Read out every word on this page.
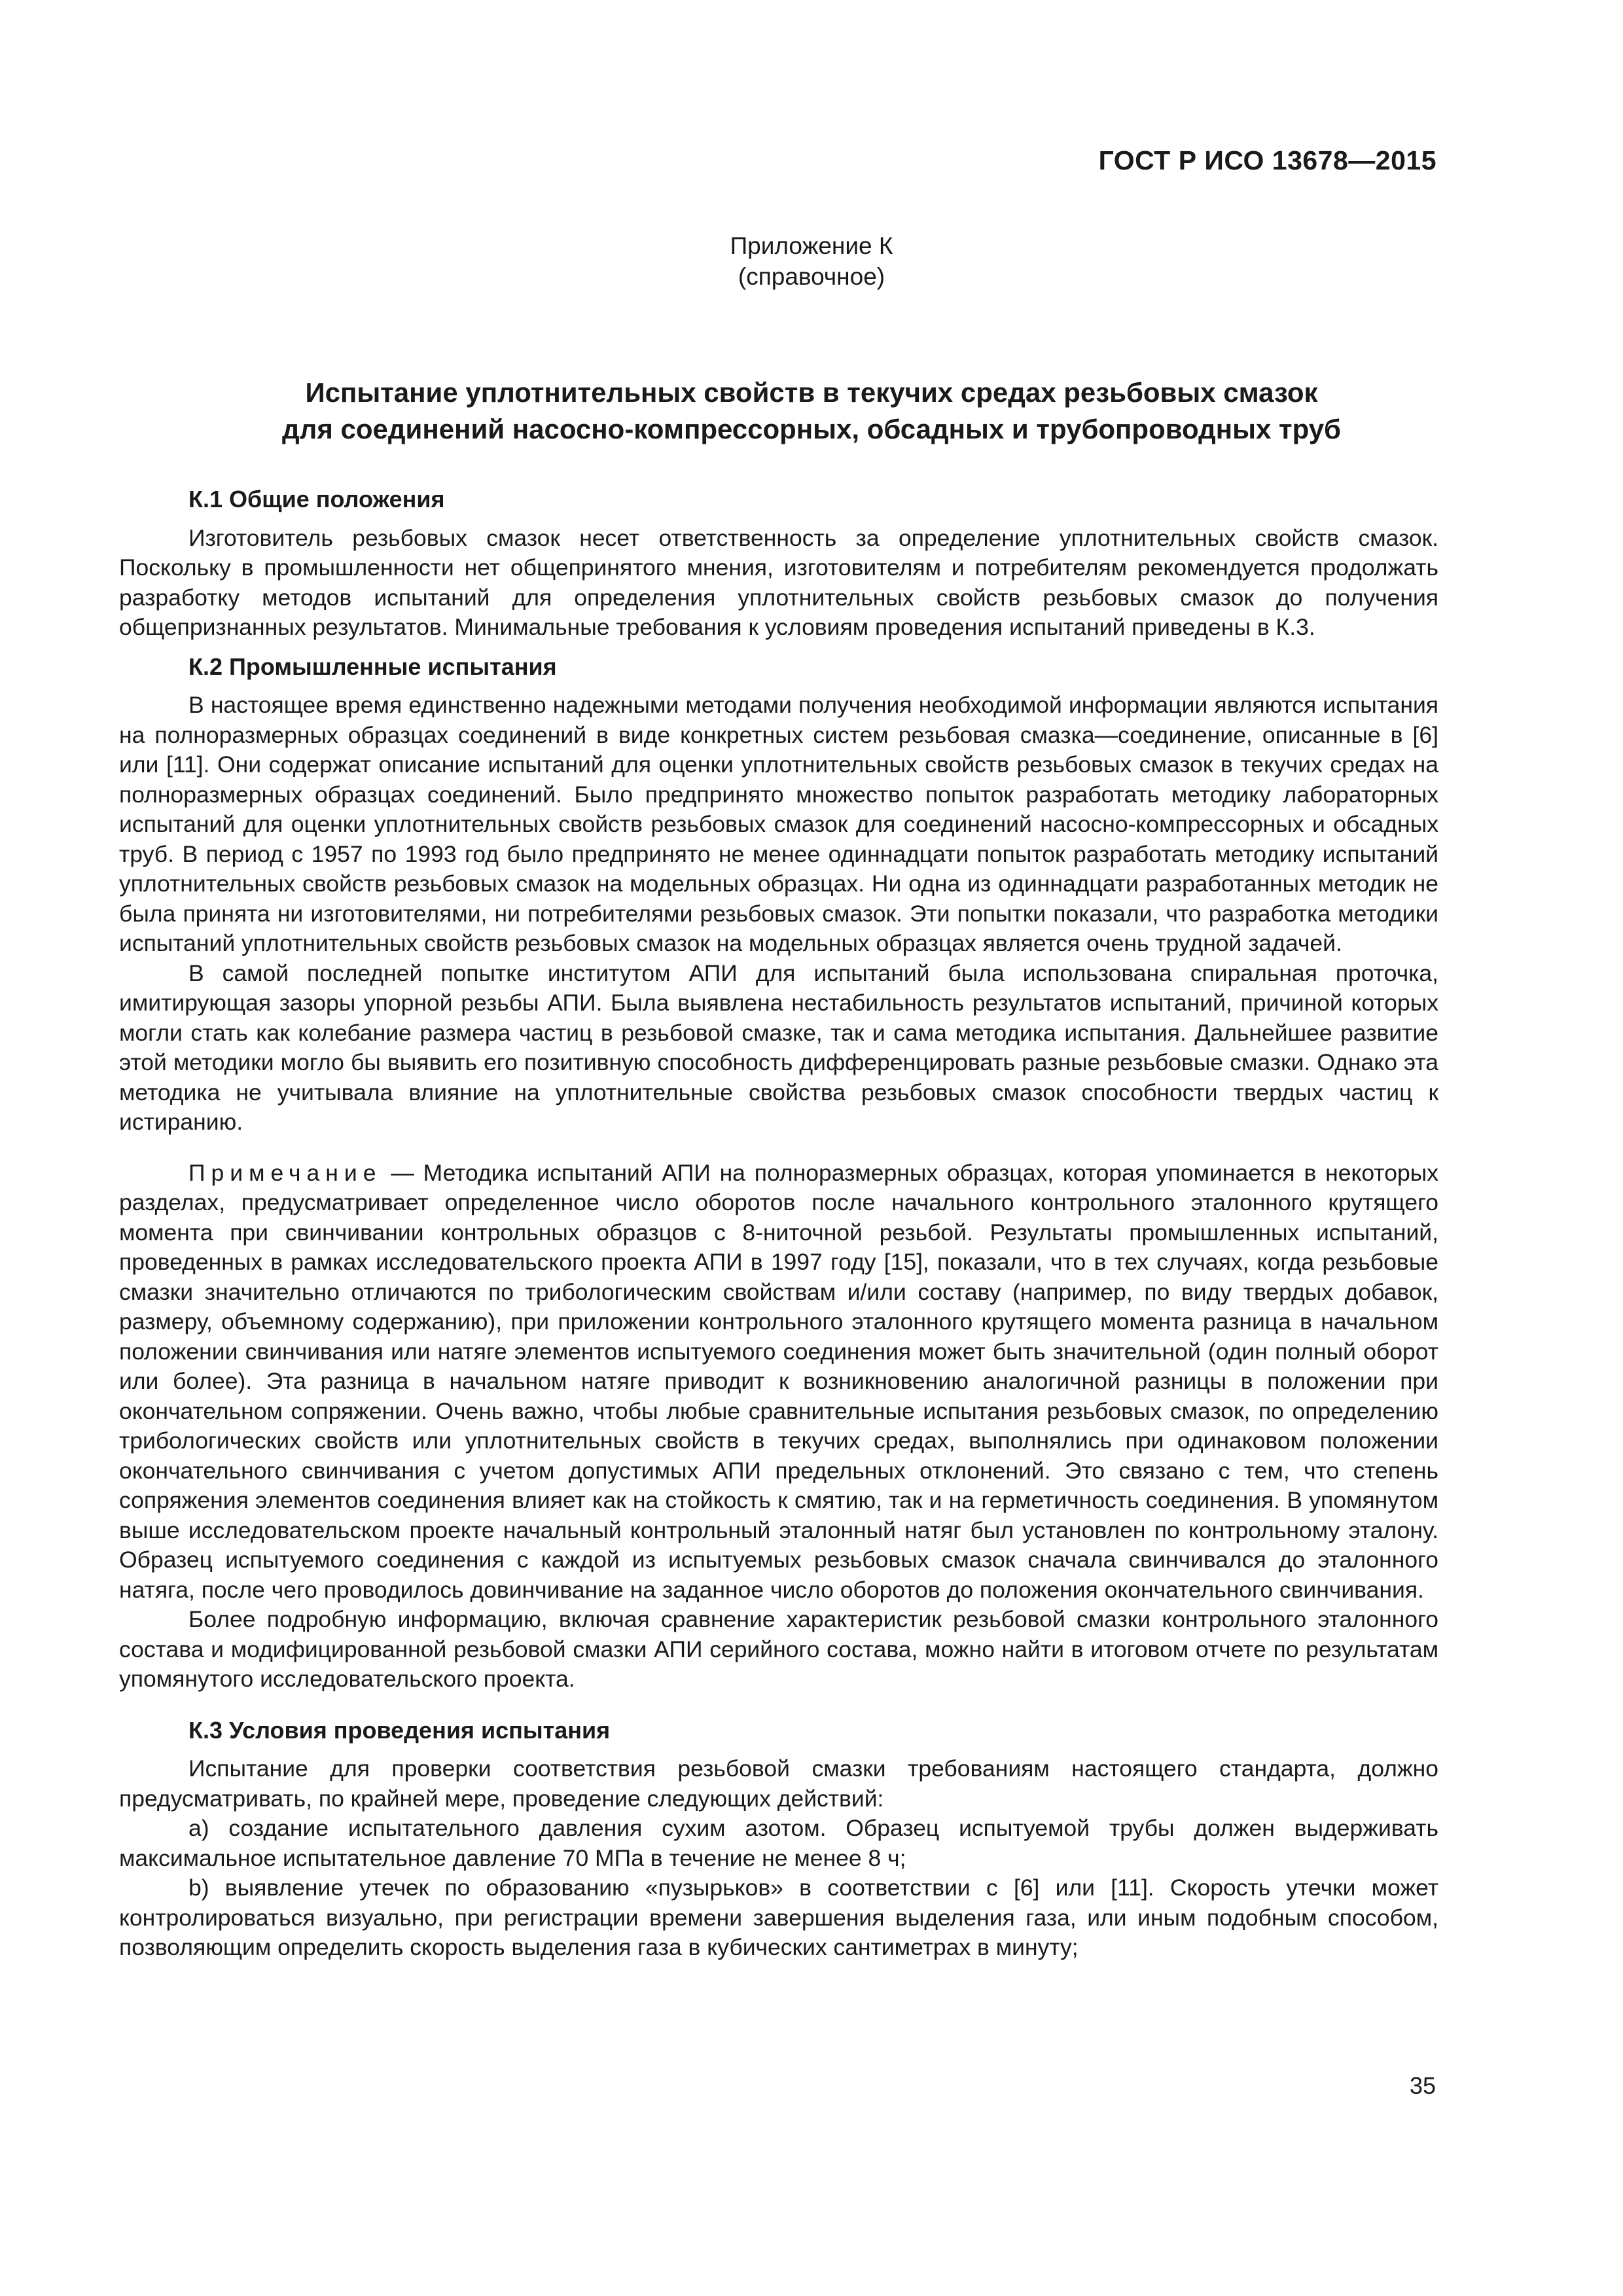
ГОСТ Р ИСО 13678—2015
Приложение К
(справочное)
Испытание уплотнительных свойств в текучих средах резьбовых смазок
для соединений насосно-компрессорных, обсадных и трубопроводных труб

К.1 Общие положения

Изготовитель резьбовых смазок несет ответственность за определение уплотнительных свойств смазок. Поскольку в промышленности нет общепринятого мнения, изготовителям и потребителям рекомендуется продолжать разработку методов испытаний для определения уплотнительных свойств резьбовых смазок до получения общепризнанных результатов. Минимальные требования к условиям проведения испытаний приведены в К.3.

К.2 Промышленные испытания

В настоящее время единственно надежными методами получения необходимой информации являются испытания на полноразмерных образцах соединений в виде конкретных систем резьбовая смазка—соединение, описанные в [6] или [11]. Они содержат описание испытаний для оценки уплотнительных свойств резьбовых смазок в текучих средах на полноразмерных образцах соединений. Было предпринято множество попыток разработать методику лабораторных испытаний для оценки уплотнительных свойств резьбовых смазок для соединений насосно-компрессорных и обсадных труб. В период с 1957 по 1993 год было предпринято не менее одиннадцати попыток разработать методику испытаний уплотнительных свойств резьбовых смазок на модельных образцах. Ни одна из одиннадцати разработанных методик не была принята ни изготовителями, ни потребителями резьбовых смазок. Эти попытки показали, что разработка методики испытаний уплотнительных свойств резьбовых смазок на модельных образцах является очень трудной задачей.

В самой последней попытке институтом АПИ для испытаний была использована спиральная проточка, имитирующая зазоры упорной резьбы АПИ. Была выявлена нестабильность результатов испытаний, причиной которых могли стать как колебание размера частиц в резьбовой смазке, так и сама методика испытания. Дальнейшее развитие этой методики могло бы выявить его позитивную способность дифференцировать разные резьбовые смазки. Однако эта методика не учитывала влияние на уплотнительные свойства резьбовых смазок способности твердых частиц к истиранию.

Примечание — Методика испытаний АПИ на полноразмерных образцах, которая упоминается в некоторых разделах, предусматривает определенное число оборотов после начального контрольного эталонного крутящего момента при свинчивании контрольных образцов с 8-ниточной резьбой. Результаты промышленных испытаний, проведенных в рамках исследовательского проекта АПИ в 1997 году [15], показали, что в тех случаях, когда резьбовые смазки значительно отличаются по трибологическим свойствам и/или составу (например, по виду твердых добавок, размеру, объемному содержанию), при приложении контрольного эталонного крутящего момента разница в начальном положении свинчивания или натяге элементов испытуемого соединения может быть значительной (один полный оборот или более). Эта разница в начальном натяге приводит к возникновению аналогичной разницы в положении при окончательном сопряжении. Очень важно, чтобы любые сравнительные испытания резьбовых смазок, по определению трибологических свойств или уплотнительных свойств в текучих средах, выполнялись при одинаковом положении окончательного свинчивания с учетом допустимых АПИ предельных отклонений. Это связано с тем, что степень сопряжения элементов соединения влияет как на стойкость к смятию, так и на герметичность соединения. В упомянутом выше исследовательском проекте начальный контрольный эталонный натяг был установлен по контрольному эталону. Образец испытуемого соединения с каждой из испытуемых резьбовых смазок сначала свинчивался до эталонного натяга, после чего проводилось довинчивание на заданное число оборотов до положения окончательного свинчивания.

Более подробную информацию, включая сравнение характеристик резьбовой смазки контрольного эталонного состава и модифицированной резьбовой смазки АПИ серийного состава, можно найти в итоговом отчете по результатам упомянутого исследовательского проекта.

К.3 Условия проведения испытания

Испытание для проверки соответствия резьбовой смазки требованиям настоящего стандарта, должно предусматривать, по крайней мере, проведение следующих действий:

a) создание испытательного давления сухим азотом. Образец испытуемой трубы должен выдерживать максимальное испытательное давление 70 МПа в течение не менее 8 ч;

b) выявление утечек по образованию «пузырьков» в соответствии с [6] или [11]. Скорость утечки может контролироваться визуально, при регистрации времени завершения выделения газа, или иным подобным способом, позволяющим определить скорость выделения газа в кубических сантиметрах в минуту;

35
